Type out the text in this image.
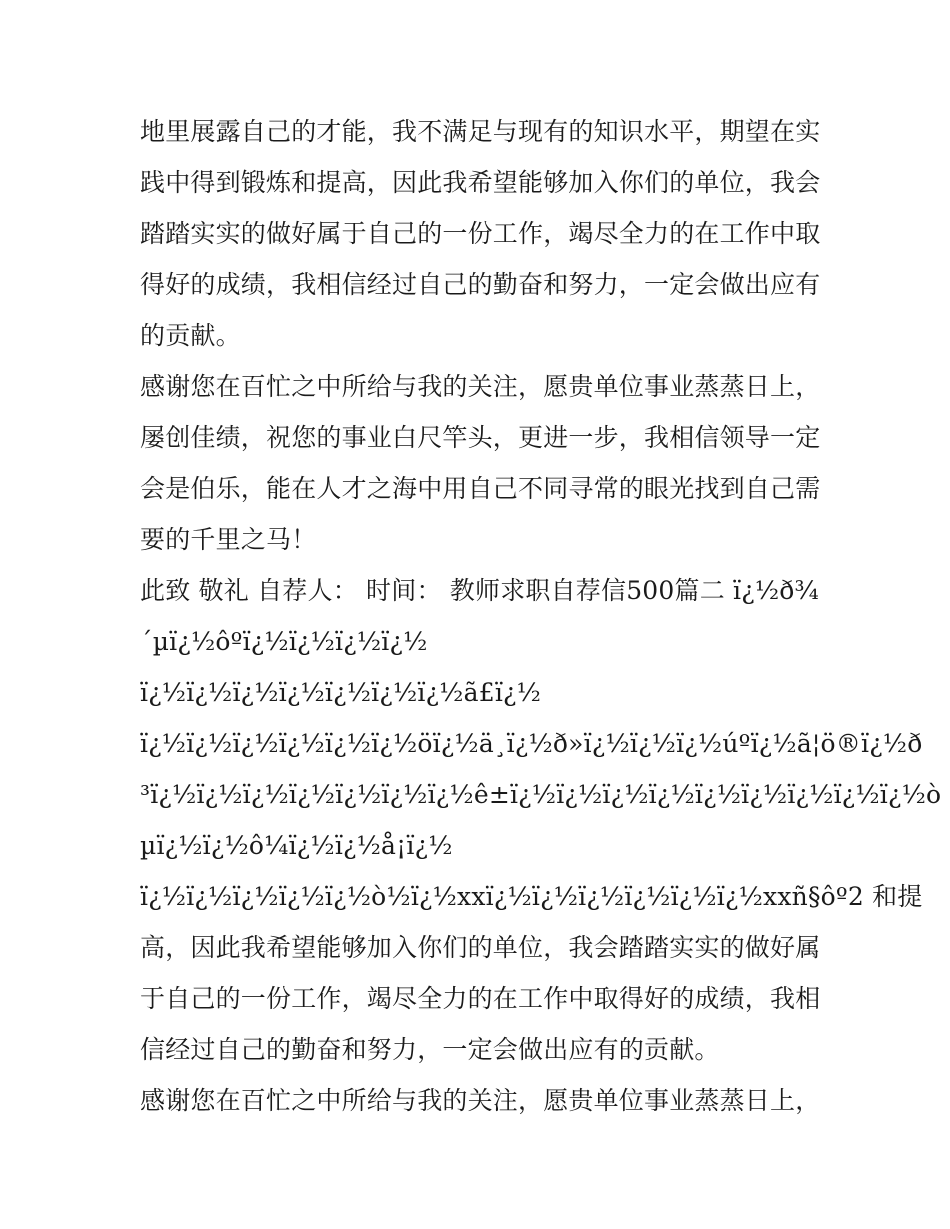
地里展露自己的才能，我不满足与现有的知识水平，期望在实
践中得到锻炼和提高，因此我希望能够加入你们的单位，我会
踏踏实实的做好属于自己的一份工作，竭尽全力的在工作中取
得好的成绩，我相信经过自己的勤奋和努力，一定会做出应有
的贡献。
感谢您在百忙之中所给与我的关注，愿贵单位事业蒸蒸日上，
屡创佳绩，祝您的事业白尺竿头，更进一步，我相信领导一定
会是伯乐，能在人才之海中用自己不同寻常的眼光找到自己需
要的千里之马！
此致 敬礼 自荐人： 时间： 教师求职自荐信500篇二 ï¿½ð¾
´µï¿½ôºï¿½ï¿½ï¿½ï¿½
ï¿½ï¿½ï¿½ï¿½ï¿½ï¿½ï¿½ã£ï¿½
ï¿½ï¿½ï¿½ï¿½ï¿½ï¿½öï¿½ä¸ï¿½ð»ï¿½ï¿½ï¿½úºï¿½ã¦ö®ï¿½ð
³ï¿½ï¿½ï¿½ï¿½ï¿½ï¿½ï¿½ê±ï¿½ï¿½ï¿½ï¿½ï¿½ï¿½ï¿½ï¿½ï¿½ò
µï¿½ï¿½ô¼ï¿½ï¿½å¡ï¿½
ï¿½ï¿½ï¿½ï¿½ï¿½ò½ï¿½xxï¿½ï¿½ï¿½ï¿½ï¿½ï¿½xxñ§ôº2 和提
高，因此我希望能够加入你们的单位，我会踏踏实实的做好属
于自己的一份工作，竭尽全力的在工作中取得好的成绩，我相
信经过自己的勤奋和努力，一定会做出应有的贡献。
感谢您在百忙之中所给与我的关注，愿贵单位事业蒸蒸日上，
